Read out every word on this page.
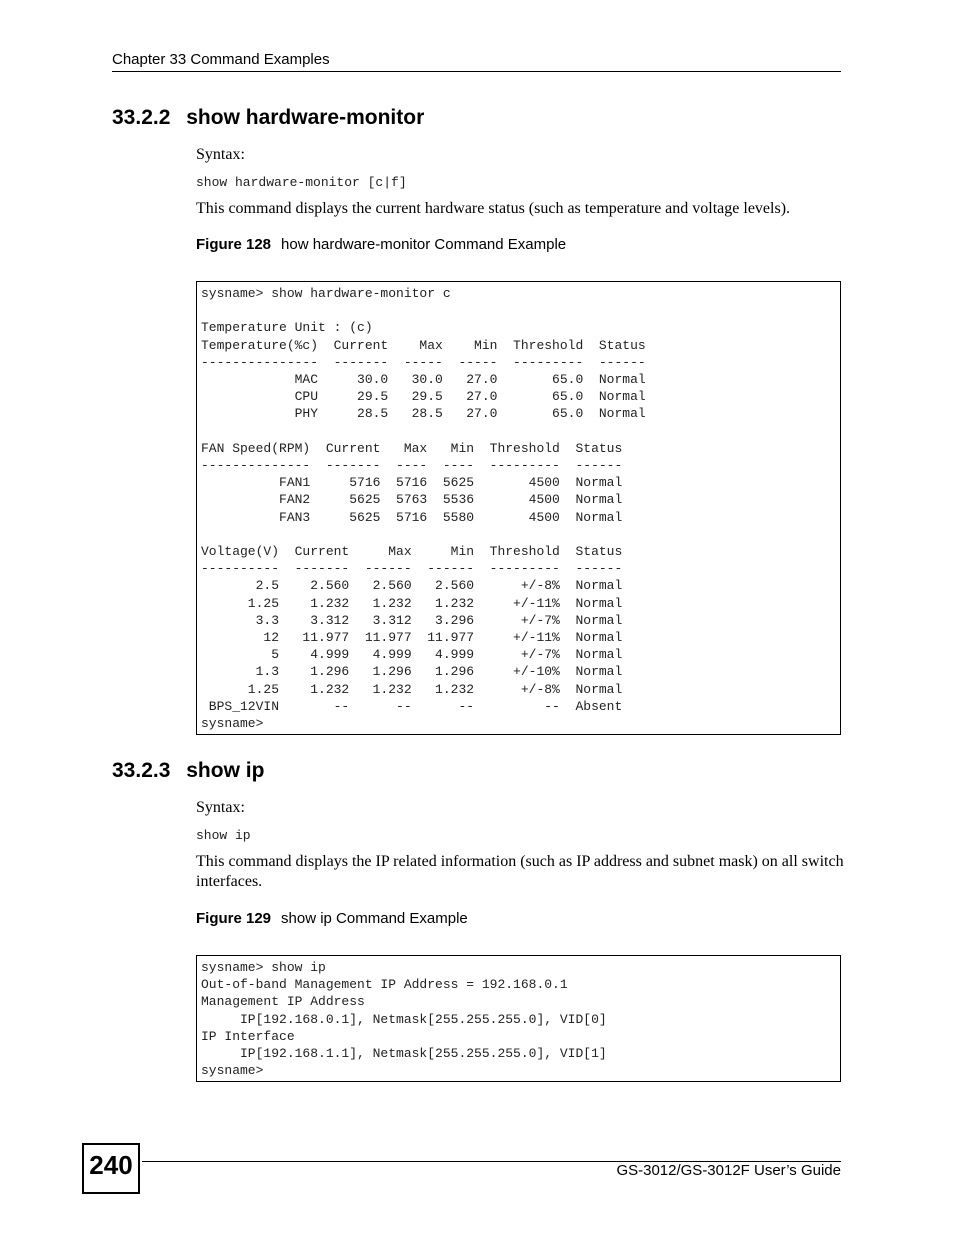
Chapter 33 Command Examples
33.2.2 show hardware-monitor
Syntax:
show hardware-monitor [c|f]
This command displays the current hardware status (such as temperature and voltage levels).
Figure 128 how hardware-monitor Command Example
sysname> show hardware-monitor c

Temperature Unit : (c)
Temperature(%c)  Current    Max    Min  Threshold  Status
---------------  -------  -----  -----  ---------  ------
MAC     30.0   30.0   27.0       65.0  Normal
CPU     29.5   29.5   27.0       65.0  Normal
PHY     28.5   28.5   27.0       65.0  Normal

FAN Speed(RPM)  Current   Max   Min  Threshold  Status
--------------  -------  ----  ----  ---------  ------
FAN1     5716  5716  5625       4500  Normal
FAN2     5625  5763  5536       4500  Normal
FAN3     5625  5716  5580       4500  Normal

Voltage(V)  Current     Max     Min  Threshold  Status
----------  -------  ------  ------  ---------  ------
2.5    2.560   2.560   2.560      +/-8%  Normal
1.25    1.232   1.232   1.232     +/-11%  Normal
3.3    3.312   3.312   3.296      +/-7%  Normal
12   11.977  11.977  11.977     +/-11%  Normal
5    4.999   4.999   4.999      +/-7%  Normal
1.3    1.296   1.296   1.296     +/-10%  Normal
1.25    1.232   1.232   1.232      +/-8%  Normal
BPS_12VIN       --      --      --         --  Absent
sysname>
33.2.3 show ip
Syntax:
show ip
This command displays the IP related information (such as IP address and subnet mask) on all switch interfaces.
Figure 129 show ip Command Example
sysname> show ip
Out-of-band Management IP Address = 192.168.0.1
Management IP Address
IP[192.168.0.1], Netmask[255.255.255.0], VID[0]
IP Interface
IP[192.168.1.1], Netmask[255.255.255.0], VID[1]
sysname>
240	GS-3012/GS-3012F User’s Guide
